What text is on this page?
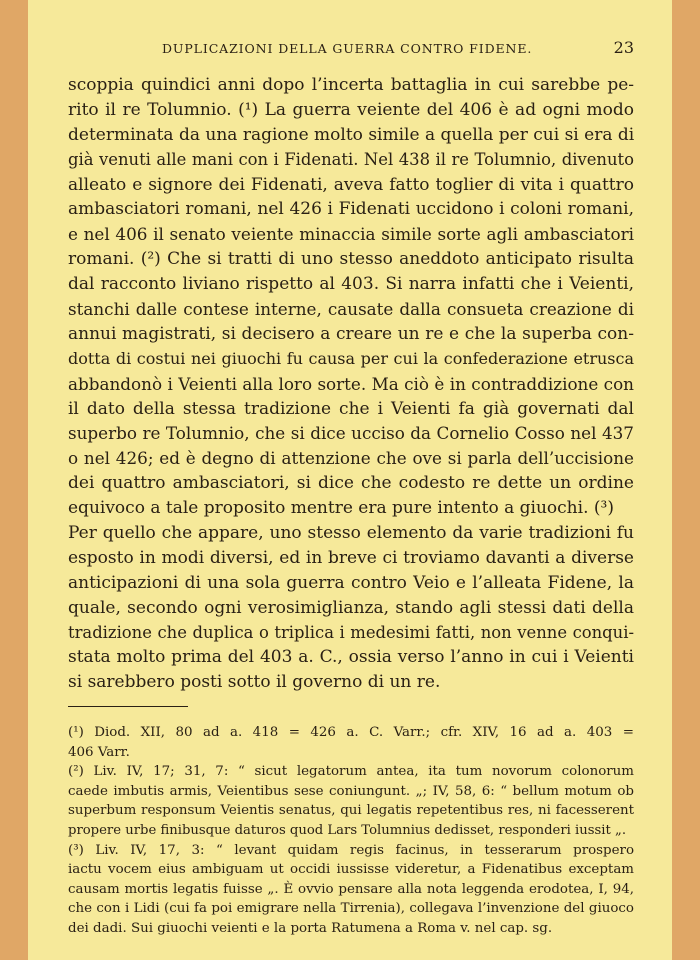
DUPLICAZIONI DELLA GUERRA CONTRO FIDENE.	23
scoppia quindici anni dopo l’incerta battaglia in cui sarebbe pe-
rito il re Tolumnio. (¹) La guerra veiente del 406 è ad ogni modo
determinata da una ragione molto simile a quella per cui si era di
già venuti alle mani con i Fidenati. Nel 438 il re Tolumnio, divenuto
alleato e signore dei Fidenati, aveva fatto toglier di vita i quattro
ambasciatori romani, nel 426 i Fidenati uccidono i coloni romani,
e nel 406 il senato veiente minaccia simile sorte agli ambasciatori
romani. (²) Che si tratti di uno stesso aneddoto anticipato risulta
dal racconto liviano rispetto al 403. Si narra infatti che i Veienti,
stanchi dalle contese interne, causate dalla consueta creazione di
annui magistrati, si decisero a creare un re e che la superba con-
dotta di costui nei giuochi fu causa per cui la confederazione etrusca
abbandonò i Veienti alla loro sorte. Ma ciò è in contraddizione con
il dato della stessa tradizione che i Veienti fa già governati dal
superbo re Tolumnio, che si dice ucciso da Cornelio Cosso nel 437
o nel 426; ed è degno di attenzione che ove si parla dell’uccisione
dei quattro ambasciatori, si dice che codesto re dette un ordine
equivoco a tale proposito mentre era pure intento a giuochi. (³)
Per quello che appare, uno stesso elemento da varie tradizioni fu
esposto in modi diversi, ed in breve ci troviamo davanti a diverse
anticipazioni di una sola guerra contro Veio e l’alleata Fidene, la
quale, secondo ogni verosimiglianza, stando agli stessi dati della
tradizione che duplica o triplica i medesimi fatti, non venne conqui-
stata molto prima del 403 a. C., ossia verso l’anno in cui i Veienti
si sarebbero posti sotto il governo di un re.
(¹) Diod. XII, 80 ad a. 418 = 426 a. C. Varr.; cfr. XIV, 16 ad a. 403 =
406 Varr.
(²) Liv. IV, 17; 31, 7: “ sicut legatorum antea, ita tum novorum colonorum
caede imbutis armis, Veientibus sese coniungunt. „; IV, 58, 6: “ bellum motum ob
superbum responsum Veientis senatus, qui legatis repetentibus res, ni facesserent
propere urbe finibusque daturos quod Lars Tolumnius dedisset, responderi iussit „.
(³) Liv. IV, 17, 3: “ levant quidam regis facinus, in tesserarum prospero
iactu vocem eius ambiguam ut occidi iussisse videretur, a Fidenatibus exceptam
causam mortis legatis fuisse „. È ovvio pensare alla nota leggenda erodotea, I, 94,
che con i Lidi (cui fa poi emigrare nella Tirrenia), collegava l’invenzione del giuoco
dei dadi. Sui giuochi veienti e la porta Ratumena a Roma v. nel cap. sg.
